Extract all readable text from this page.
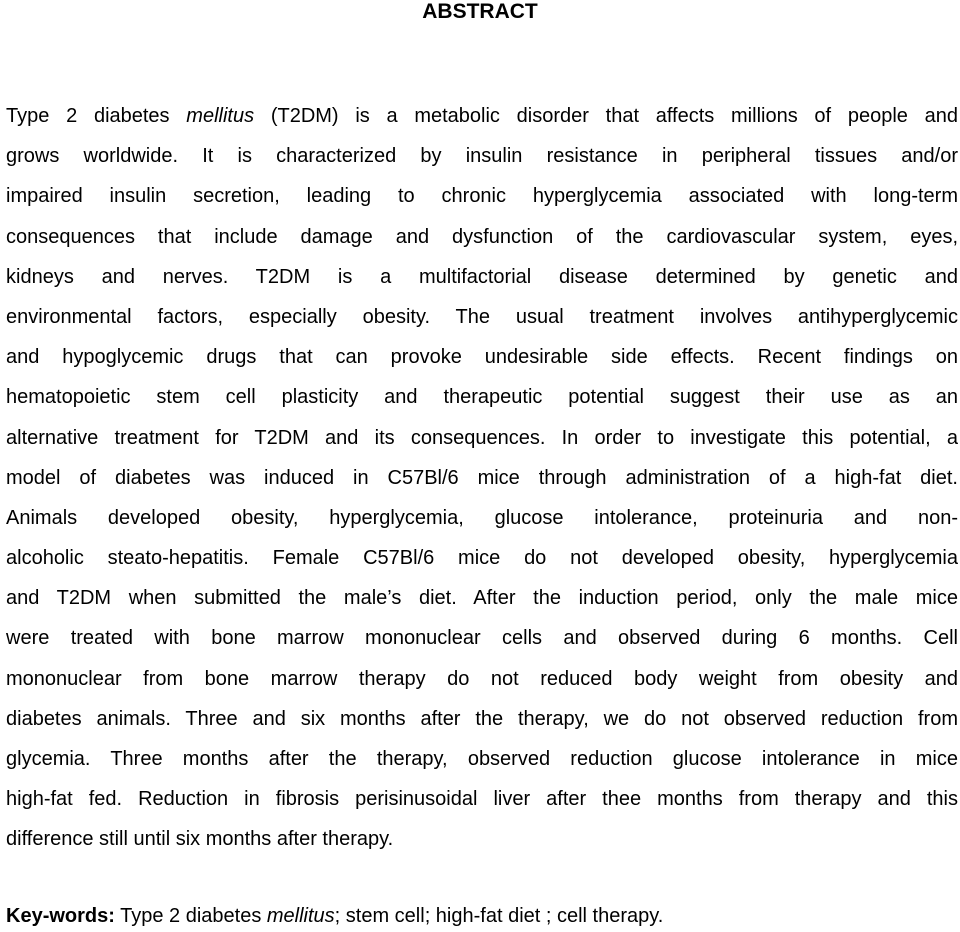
ABSTRACT
Type 2 diabetes mellitus (T2DM) is a metabolic disorder that affects millions of people and
grows worldwide. It is characterized by insulin resistance in peripheral tissues and/or
impaired insulin secretion, leading to chronic hyperglycemia associated with long-term
consequences that include damage and dysfunction of the cardiovascular system, eyes,
kidneys and nerves. T2DM is a multifactorial disease determined by genetic and
environmental factors, especially obesity. The usual treatment involves antihyperglycemic
and hypoglycemic drugs that can provoke undesirable side effects. Recent findings on
hematopoietic stem cell plasticity and therapeutic potential suggest their use as an
alternative treatment for T2DM and its consequences. In order to investigate this potential, a
model of diabetes was induced in C57Bl/6 mice through administration of a high-fat diet.
Animals developed obesity, hyperglycemia, glucose intolerance, proteinuria and non-
alcoholic steato-hepatitis. Female C57Bl/6 mice do not developed obesity, hyperglycemia
and T2DM when submitted the male’s diet. After the induction period, only the male mice
were treated with bone marrow mononuclear cells and observed during 6 months. Cell
mononuclear from bone marrow therapy do not reduced body weight from obesity and
diabetes animals. Three and six months after the therapy, we do not observed reduction from
glycemia. Three months after the therapy, observed reduction glucose intolerance in mice
high-fat fed. Reduction in fibrosis perisinusoidal liver after thee months from therapy and this
difference still until six months after therapy.
Key-words: Type 2 diabetes mellitus; stem cell; high-fat diet ; cell therapy.
